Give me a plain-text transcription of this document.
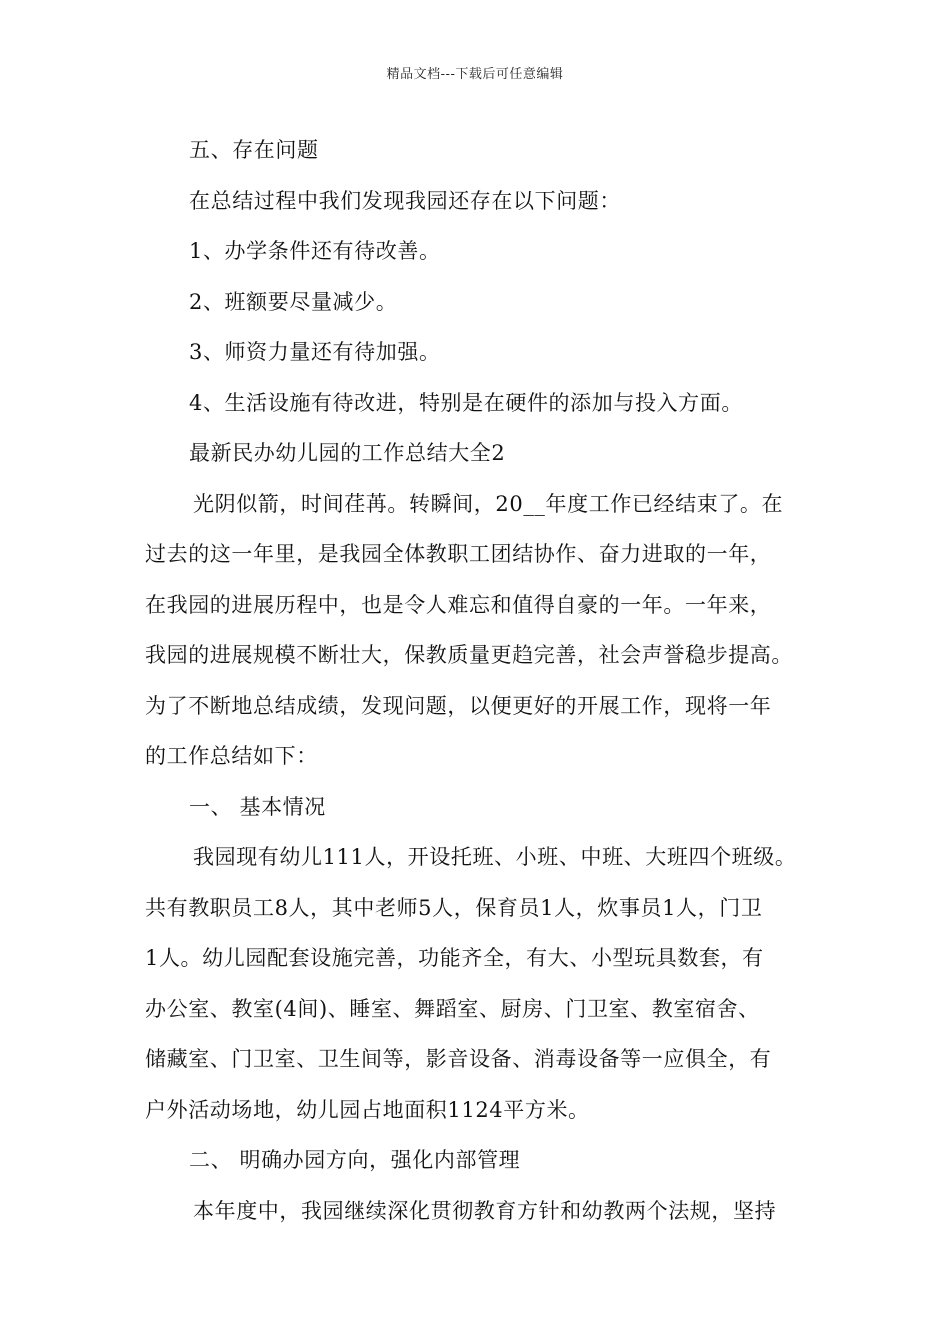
精品文档---下载后可任意编辑
五、存在问题
在总结过程中我们发现我园还存在以下问题：
1、办学条件还有待改善。
2、班额要尽量减少。
3、师资力量还有待加强。
4、生活设施有待改进，特别是在硬件的添加与投入方面。
最新民办幼儿园的工作总结大全2
光阴似箭，时间荏苒。转瞬间，20__年度工作已经结束了。在
过去的这一年里，是我园全体教职工团结协作、奋力进取的一年，
在我园的进展历程中，也是令人难忘和值得自豪的一年。一年来，
我园的进展规模不断壮大，保教质量更趋完善，社会声誉稳步提高。
为了不断地总结成绩，发现问题，以便更好的开展工作，现将一年
的工作总结如下：
一、 基本情况
我园现有幼儿111人，开设托班、小班、中班、大班四个班级。
共有教职员工8人，其中老师5人，保育员1人，炊事员1人，门卫
1人。幼儿园配套设施完善，功能齐全，有大、小型玩具数套，有
办公室、教室(4间)、睡室、舞蹈室、厨房、门卫室、教室宿舍、
储藏室、门卫室、卫生间等，影音设备、消毒设备等一应俱全，有
户外活动场地，幼儿园占地面积1124平方米。
二、 明确办园方向，强化内部管理
本年度中，我园继续深化贯彻教育方针和幼教两个法规，坚持
